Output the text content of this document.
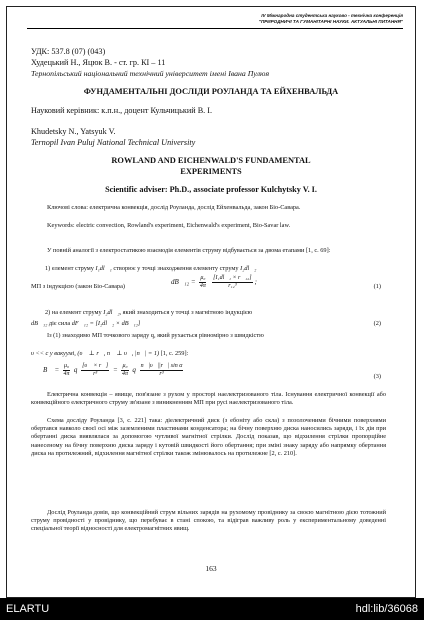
IV Міжнародна студентська науково - технічна конференція
"ПРИРОДНИЧІ ТА ГУМАНІТАРНІ НАУКИ. АКТУАЛЬНІ ПИТАННЯ"
УДК: 537.8 (07) (043)
Худецький Н., Яцюк В. - ст. гр. КІ – 11
Тернопільський національний технічний університет імені Івана Пулюя
ФУНДАМЕНТАЛЬНІ ДОСЛІДИ РОУЛАНДА ТА ЕЙХЕНВАЛЬДА
Науковий керівник: к.п.н., доцент Кульчицький В. І.
Khudetsky N., Yatsyuk V.
Ternopil Ivan Puluj National Technical University
ROWLAND AND EICHENWALD'S FUNDAMENTAL
EXPERIMENTS
Scientific adviser: Ph.D., associate professor Kulchytsky V. I.
Ключові слова: електрична конвекція, дослід Роуланда, дослід Ейхенвальда, закон Біо-Савара.
Keywords: electric convection, Rowland's experiment, Eichenwald's experiment, Bio-Savar law.
У повній аналогії з електростатикою взаємодія елементів струму відбувається за двома етапами [1, с. 69]:
1) елемент струму I₁dl⃗₁ створює у точці знаходження елементу струму I₂dl⃗₂
МП з індукцією (закон Біо-Савара)
dB⃗₁₂ = $\frac{\text{μ₀}}{4\pi}$
$\frac{\text{[I₁dl⃗₁ × r⃗₁₂]}}{\text{r₁₂³}}$ ;
(1)
2) на елемент струму I₂dl⃗₂, який знаходиться у точці з магнітною індукцією
dB⃗₁₂ діє сила dF⃗₁₂ = [I₂dl⃗₂ × dB⃗₁₂]	(2)
Із (1) знаходимо МП точкового заряду q, який рухається рівномірно з швидкістю
υ << c у вакуумі, (υ⃗ ⊥ r⃗, n⃗ ⊥ υ⃗, |n⃗| = 1) [1, с. 259]:
B⃗ = $\frac{\text{μ₀}}{4\pi}$ q $\frac{[\upsilon⃗ \times r⃗]}{\text{r³}} = \frac{\text{μ₀}}{4\pi}$ q $\frac{\text{n⃗|υ⃗||r⃗| sin α}}{\text{r³}}$	(3)
Електрична конвекція – явище, пов'язане з рухом у просторі наелектризованого тіла. Існування електричної конвекції або конвекційного електричного струму зв'язане з виникненням МП при русі наелектризованого тіла.
Схема досліду Роуланда [3, с. 221] така: діелектричний диск (з ебоніту або скла) з позолоченими бічними поверхнями обертався навколо своєї осі між заземленими пластинами конденсатора; на бічну поверхню диска наносились заряди, і їх дія при обертанні диска виявлялася за допомогою чутливої магнітної стрілки. Дослід показав, що відхилення стрілки пропорційне нанесеному на бічну поверхню диска заряду і кутовій швидкості його обертання; при зміні знаку заряду або напрямку обертання диска на протилежний, відхилення магнітної стрілки також змінювалось на протилежне [2, с. 210].
Дослід Роуланда довів, що конвекційний струм вільних зарядів на рухомому провіднику за своєю магнітною дією тотожний струму провідності у провіднику, що перебуває в стані спокою, та відіграв важливу роль у експериментальному доведенні спеціальної теорії відносності для електромагнітних явищ.
163
ELARTU	hdl:lib/36068
